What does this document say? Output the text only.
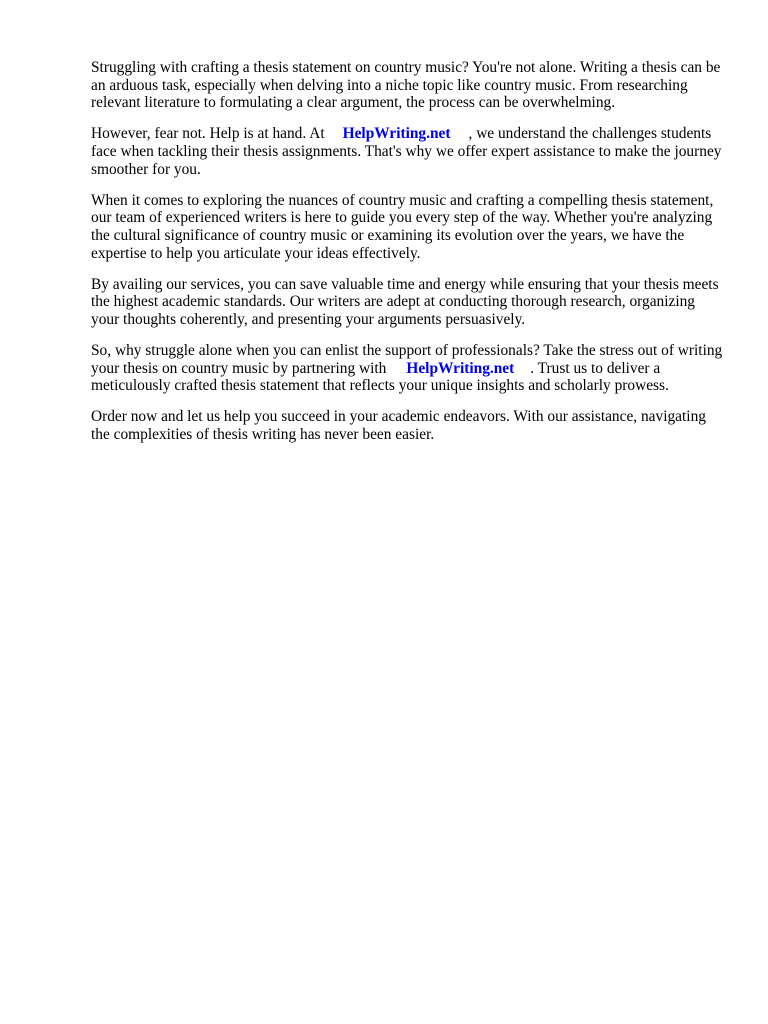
Struggling with crafting a thesis statement on country music? You're not alone. Writing a thesis can be an arduous task, especially when delving into a niche topic like country music. From researching relevant literature to formulating a clear argument, the process can be overwhelming.

However, fear not. Help is at hand. At HelpWriting.net , we understand the challenges students face when tackling their thesis assignments. That's why we offer expert assistance to make the journey smoother for you.

When it comes to exploring the nuances of country music and crafting a compelling thesis statement, our team of experienced writers is here to guide you every step of the way. Whether you're analyzing the cultural significance of country music or examining its evolution over the years, we have the expertise to help you articulate your ideas effectively.

By availing our services, you can save valuable time and energy while ensuring that your thesis meets the highest academic standards. Our writers are adept at conducting thorough research, organizing your thoughts coherently, and presenting your arguments persuasively.

So, why struggle alone when you can enlist the support of professionals? Take the stress out of writing your thesis on country music by partnering with HelpWriting.net . Trust us to deliver a meticulously crafted thesis statement that reflects your unique insights and scholarly prowess.

Order now and let us help you succeed in your academic endeavors. With our assistance, navigating the complexities of thesis writing has never been easier.
